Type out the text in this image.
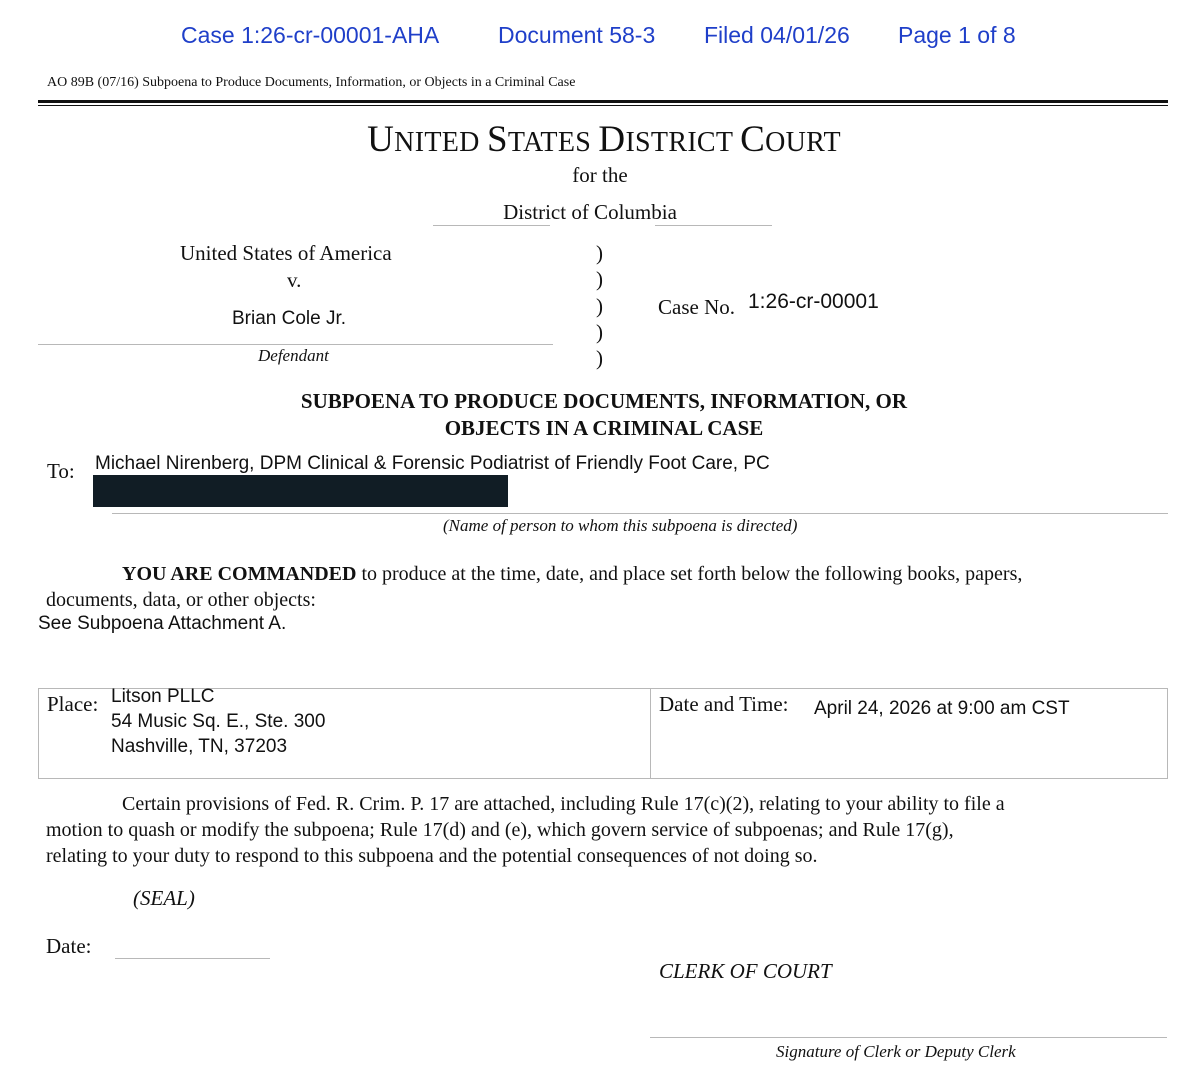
Case 1:26-cr-00001-AHA	Document 58-3 Filed 04/01/26 Page 1 of 8
AO 89B (07/16) Subpoena to Produce Documents, Information, or Objects in a Criminal Case
UNITED STATES DISTRICT COURT
for the
District of Columbia
United States of America
v.
Brian Cole Jr.
Defendant
)
)
)
)
)
Case No. 1:26-cr-00001
SUBPOENA TO PRODUCE DOCUMENTS, INFORMATION, OR
OBJECTS IN A CRIMINAL CASE
To: Michael Nirenberg, DPM Clinical & Forensic Podiatrist of Friendly Foot Care, PC
(Name of person to whom this subpoena is directed)
YOU ARE COMMANDED to produce at the time, date, and place set forth below the following books, papers,
documents, data, or other objects:
See Subpoena Attachment A.
Place: Litson PLLC
54 Music Sq. E., Ste. 300
Nashville, TN, 37203
Date and Time: April 24, 2026 at 9:00 am CST
Certain provisions of Fed. R. Crim. P. 17 are attached, including Rule 17(c)(2), relating to your ability to file a
motion to quash or modify the subpoena; Rule 17(d) and (e), which govern service of subpoenas; and Rule 17(g),
relating to your duty to respond to this subpoena and the potential consequences of not doing so.
(SEAL)
Date:
CLERK OF COURT
Signature of Clerk or Deputy Clerk
